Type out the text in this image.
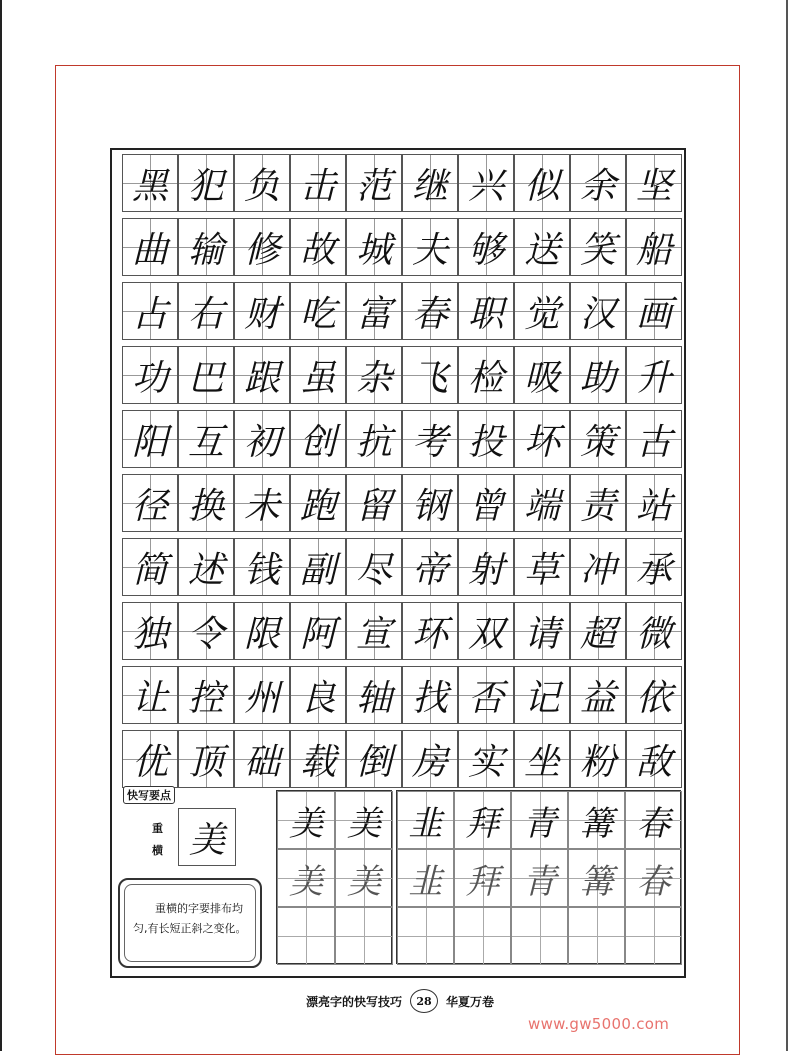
黑 犯 负 击 范 继 兴 似 余 坚
曲 输 修 故 城 夫 够 送 笑 船
占 右 财 吃 富 春 职 觉 汉 画
功 巴 跟 虽 杂 飞 检 吸 助 升
阳 互 初 创 抗 考 投 坏 策 古
径 换 未 跑 留 钢 曾 端 责 站
简 述 钱 副 尽 帝 射 草 冲 承
独 令 限 阿 宣 环 双 请 超 微
让 控 州 良 轴 找 否 记 益 依
优 顶 础 载 倒 房 实 坐 粉 敌
快写要点
重横 美
重横的字要排布均匀,有长短正斜之变化。
美 美
美 美
韭 拜 青 篝 春
韭 拜 青 篝 春
漂亮字的快写技巧	28	华夏万卷
www.gw5000.com
